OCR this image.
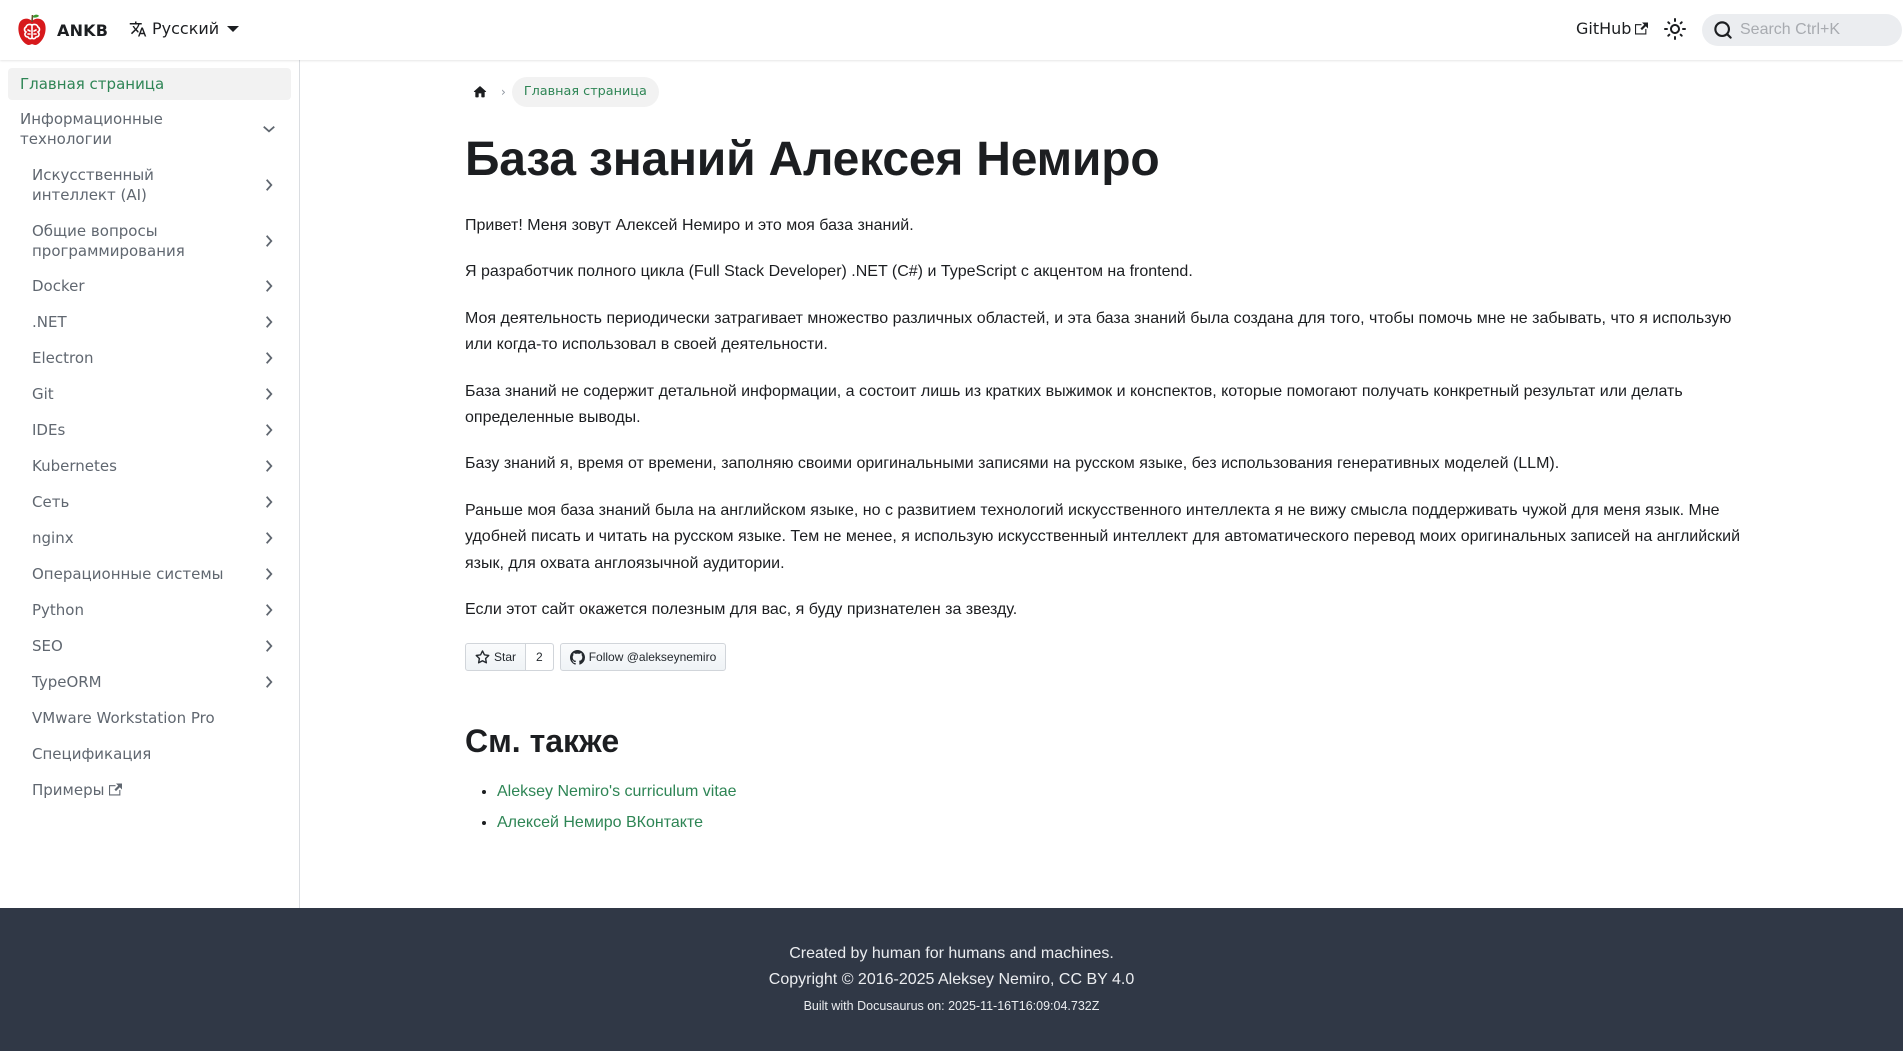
ANKB	Русский	GitHub
Search Ctrl+K
Главная страница
Информационные технологии
Искусственный интеллект (AI)
Общие вопросы программирования
Docker
.NET
Electron
Git
IDEs
Kubernetes
Сеть
nginx
Операционные системы
Python
SEO
TypeORM
VMware Workstation Pro
Спецификация
Примеры
›	Главная страница
База знаний Алексея Немиро

Привет! Меня зовут Алексей Немиро и это моя база знаний.

Я разработчик полного цикла (Full Stack Developer) .NET (C#) и TypeScript с акцентом на frontend.

Моя деятельность периодически затрагивает множество различных областей, и эта база знаний была создана для того, чтобы помочь мне не забывать, что я использую или когда-то использовал в своей деятельности.

База знаний не содержит детальной информации, а состоит лишь из кратких выжимок и конспектов, которые помогают получать конкретный результат или делать определенные выводы.

Базу знаний я, время от времени, заполняю своими оригинальными записями на русском языке, без использования генеративных моделей (LLM).

Раньше моя база знаний была на английском языке, но с развитием технологий искусственного интеллекта я не вижу смысла поддерживать чужой для меня язык. Мне удобней писать и читать на русском языке. Тем не менее, я использую искусственный интеллект для автоматического перевод моих оригинальных записей на английский язык, для охвата англоязычной аудитории.

Если этот сайт окажется полезным для вас, я буду признателен за звезду.

Star	2	Follow @alekseynemiro
См. также
• Aleksey Nemiro's curriculum vitae
• Алексей Немиро ВКонтакте
Created by human for humans and machines.
Copyright © 2016-2025 Aleksey Nemiro, CC BY 4.0
Built with Docusaurus on: 2025-11-16T16:09:04.732Z
